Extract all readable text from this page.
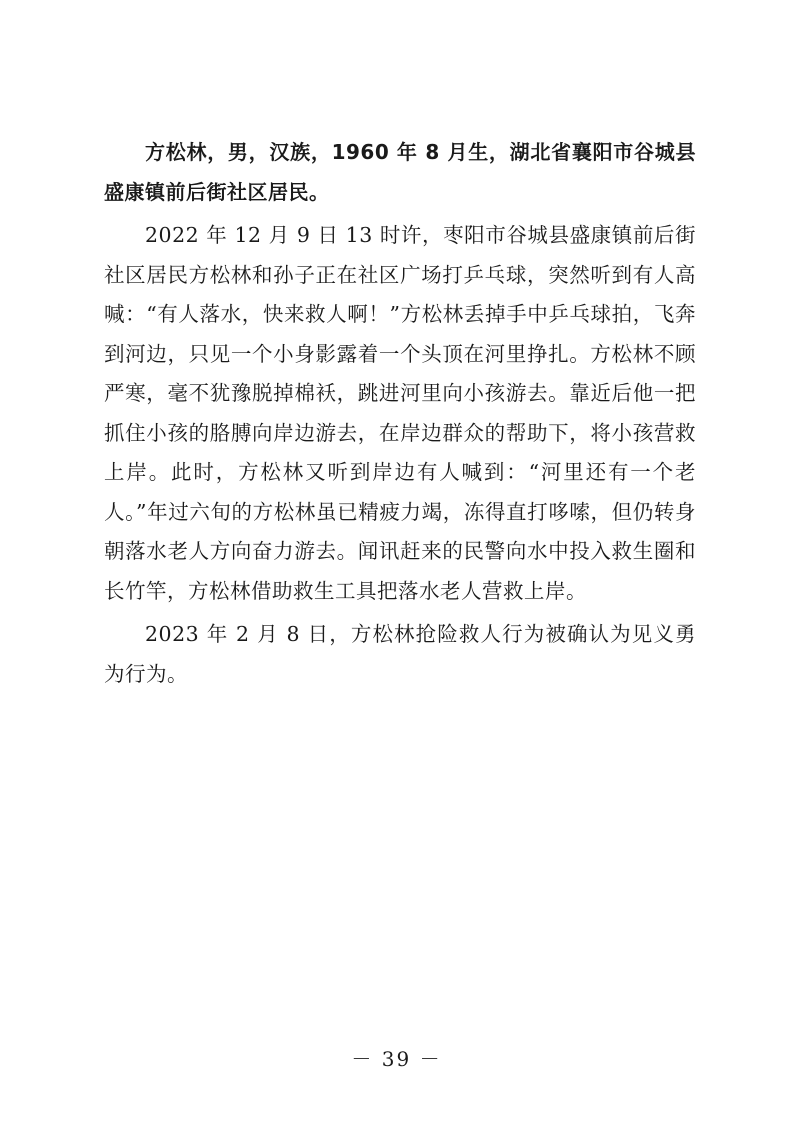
方松林，男，汉族，1960 年 8 月生，湖北省襄阳市谷城县盛康镇前后街社区居民。

2022 年 12 月 9 日 13 时许，枣阳市谷城县盛康镇前后街社区居民方松林和孙子正在社区广场打乒乓球，突然听到有人高喊：“有人落水，快来救人啊！”方松林丢掉手中乒乓球拍，飞奔到河边，只见一个小身影露着一个头顶在河里挣扎。方松林不顾严寒，毫不犹豫脱掉棉袄，跳进河里向小孩游去。靠近后他一把抓住小孩的胳膊向岸边游去，在岸边群众的帮助下，将小孩营救上岸。此时，方松林又听到岸边有人喊到：“河里还有一个老人。”年过六旬的方松林虽已精疲力竭，冻得直打哆嗦，但仍转身朝落水老人方向奋力游去。闻讯赶来的民警向水中投入救生圈和长竹竿，方松林借助救生工具把落水老人营救上岸。

2023 年 2 月 8 日，方松林抢险救人行为被确认为见义勇为行为。

－ 39 －
